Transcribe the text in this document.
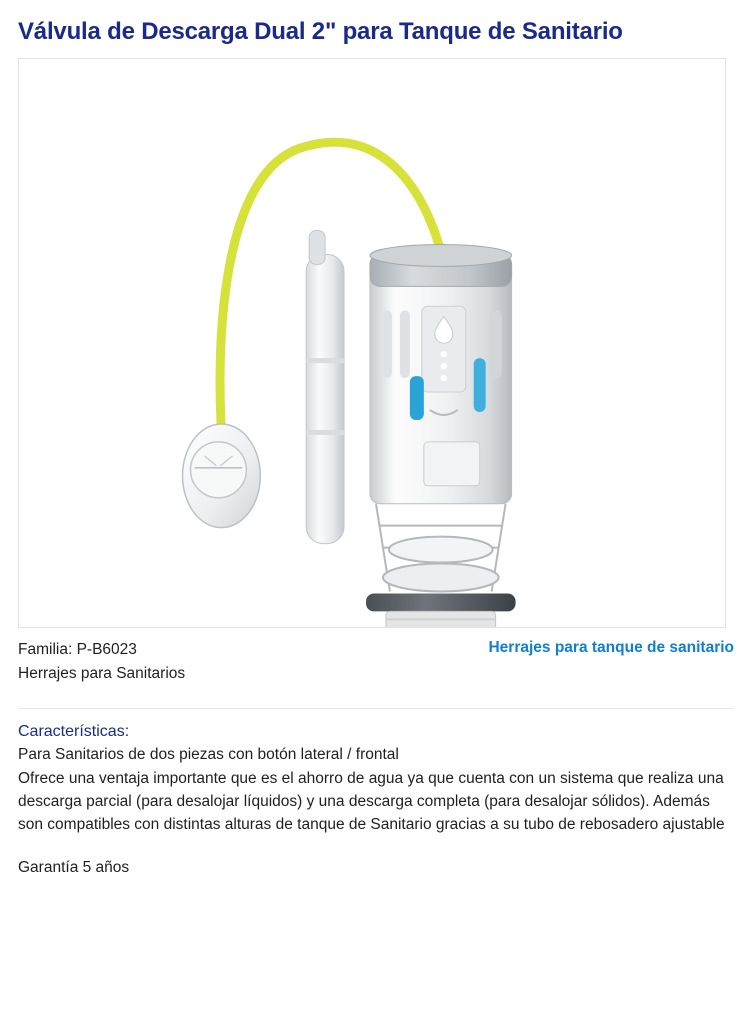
Válvula de Descarga Dual 2" para Tanque de Sanitario
Familia: P-B6023
Herrajes para Sanitarios
Herrajes para tanque de sanitario
Características:

Para Sanitarios de dos piezas con botón lateral / frontal

Ofrece una ventaja importante que es el ahorro de agua ya que cuenta con un sistema que realiza una descarga parcial (para desalojar líquidos) y una descarga completa (para desalojar sólidos). Además son compatibles con distintas alturas de tanque de Sanitario gracias a su tubo de rebosadero ajustable

Garantía 5 años
